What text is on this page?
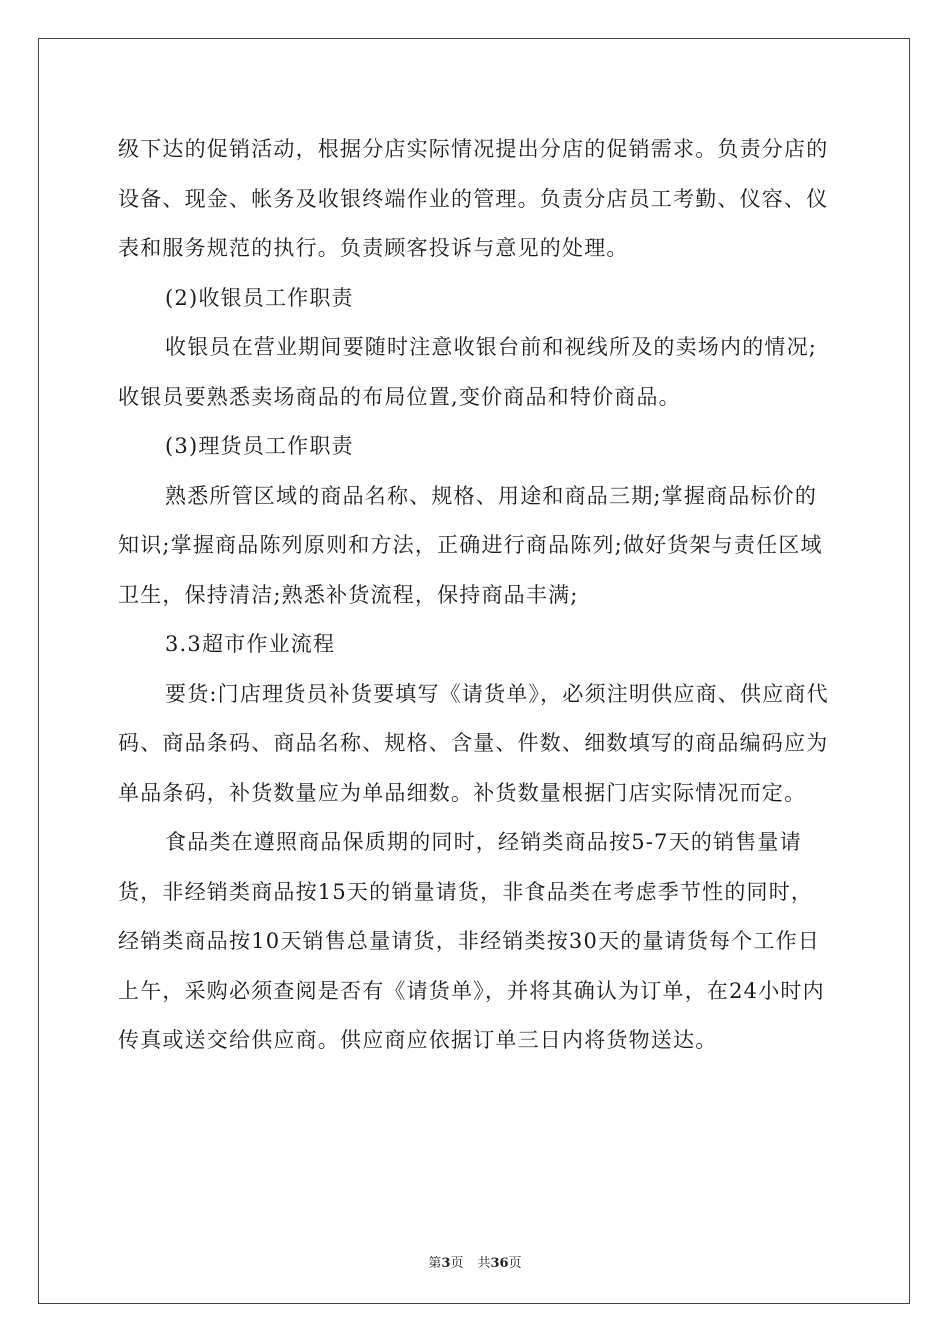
级下达的促销活动，根据分店实际情况提出分店的促销需求。负责分店的设备、现金、帐务及收银终端作业的管理。负责分店员工考勤、仪容、仪表和服务规范的执行。负责顾客投诉与意见的处理。

(2)收银员工作职责

收银员在营业期间要随时注意收银台前和视线所及的卖场内的情况;收银员要熟悉卖场商品的布局位置,变价商品和特价商品。

(3)理货员工作职责

熟悉所管区域的商品名称、规格、用途和商品三期;掌握商品标价的知识;掌握商品陈列原则和方法，正确进行商品陈列;做好货架与责任区域卫生，保持清洁;熟悉补货流程，保持商品丰满;

3.3超市作业流程

要货:门店理货员补货要填写《请货单》，必须注明供应商、供应商代码、商品条码、商品名称、规格、含量、件数、细数填写的商品编码应为单品条码，补货数量应为单品细数。补货数量根据门店实际情况而定。

食品类在遵照商品保质期的同时，经销类商品按5-7天的销售量请货，非经销类商品按15天的销量请货，非食品类在考虑季节性的同时，经销类商品按10天销售总量请货，非经销类按30天的量请货每个工作日上午，采购必须查阅是否有《请货单》，并将其确认为订单，在24小时内传真或送交给供应商。供应商应依据订单三日内将货物送达。

第3页 共36页
